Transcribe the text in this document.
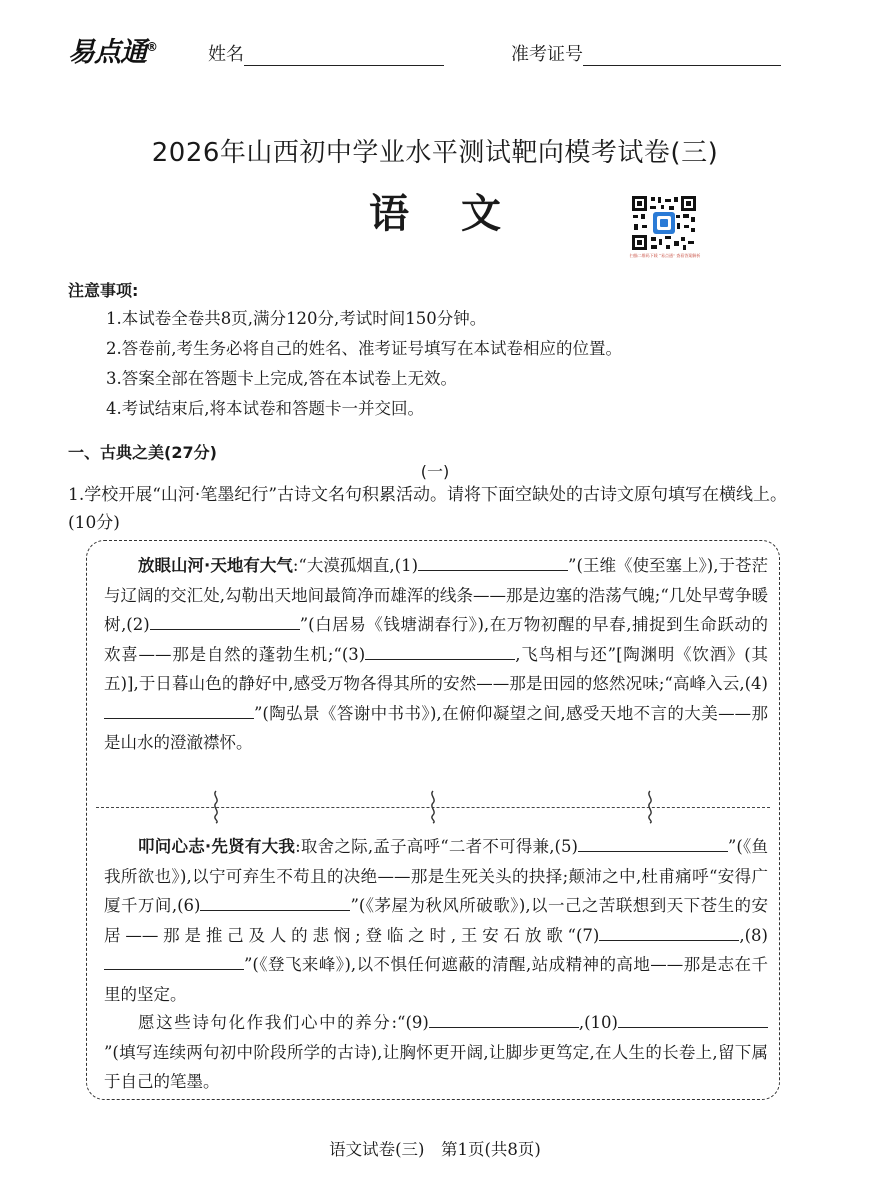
易点通®	姓名	准考证号
2026年山西初中学业水平测试靶向模考试卷(三)
语文
扫描二维码下载 “易点通” 查看答案解析
注意事项:
1.本试卷全卷共8页,满分120分,考试时间150分钟。
2.答卷前,考生务必将自己的姓名、准考证号填写在本试卷相应的位置。
3.答案全部在答题卡上完成,答在本试卷上无效。
4.考试结束后,将本试卷和答题卡一并交回。
一、古典之美(27分)
(一)
1.学校开展“山河·笔墨纪行”古诗文名句积累活动。请将下面空缺处的古诗文原句填写在横线上。(10分)
放眼山河·天地有大气:“大漠孤烟直,(1)	”(王维《使至塞上》),于苍茫与辽阔的交汇处,勾勒出天地间最简净而雄浑的线条——那是边塞的浩荡气魄;“几处早莺争暖树,(2)	”(白居易《钱塘湖春行》),在万物初醒的早春,捕捉到生命跃动的欢喜——那是自然的蓬勃生机;“(3)	,飞鸟相与还”[陶渊明《饮酒》(其五)],于日暮山色的静好中,感受万物各得其所的安然——那是田园的悠然况味;“高峰入云,(4)”(陶弘景《答谢中书书》),在俯仰凝望之间,感受天地不言的大美——那是山水的澄澈襟怀。
叩问心志·先贤有大我:取舍之际,孟子高呼“二者不可得兼,(5)	”(《鱼我所欲也》),以宁可弃生不苟且的决绝——那是生死关头的抉择;颠沛之中,杜甫痛呼“安得广厦千万间,(6)	”(《茅屋为秋风所破歌》),以一己之苦联想到天下苍生的安居——那是推己及人的悲悯;登临之时,王安石放歌“(7)	,(8)”(《登飞来峰》),以不惧任何遮蔽的清醒,站成精神的高地——那是志在千里的坚定。
愿这些诗句化作我们心中的养分:“(9)	,(10)”(填写连续两句初中阶段所学的古诗),让胸怀更开阔,让脚步更笃定,在人生的长卷上,留下属于自己的笔墨。
语文试卷(三)　第1页(共8页)
